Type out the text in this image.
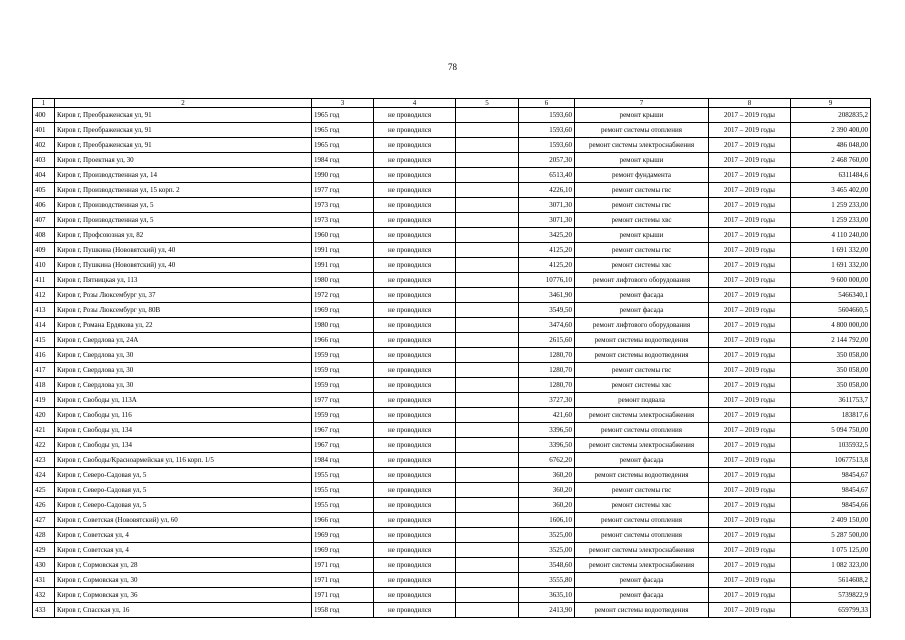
78
1	2	3	4	5	6	7	8	9
400	Киров г, Преображенская ул, 91	1965 год	не проводился		1593,60	ремонт крыши	2017 – 2019 годы	2082835,2
401	Киров г, Преображенская ул, 91	1965 год	не проводился		1593,60	ремонт системы отопления	2017 – 2019 годы	2 390 400,00
402	Киров г, Преображенская ул, 91	1965 год	не проводился		1593,60	ремонт системы электроснабжения	2017 – 2019 годы	486 048,00
403	Киров г, Проектная ул, 30	1984 год	не проводился		2057,30	ремонт крыши	2017 – 2019 годы	2 468 760,00
404	Киров г, Производственная ул, 14	1990 год	не проводился		6513,40	ремонт фундамента	2017 – 2019 годы	6311484,6
405	Киров г, Производственная ул, 15 корп. 2	1977 год	не проводился		4226,10	ремонт системы гвс	2017 – 2019 годы	3 465 402,00
406	Киров г, Производственная ул, 5	1973 год	не проводился		3071,30	ремонт системы гвс	2017 – 2019 годы	1 259 233,00
407	Киров г, Производственная ул, 5	1973 год	не проводился		3071,30	ремонт системы хвс	2017 – 2019 годы	1 259 233,00
408	Киров г, Профсоюзная ул, 82	1960 год	не проводился		3425,20	ремонт крыши	2017 – 2019 годы	4 110 240,00
409	Киров г, Пушкина (Нововятский) ул, 40	1991 год	не проводился		4125,20	ремонт системы гвс	2017 – 2019 годы	1 691 332,00
410	Киров г, Пушкина (Нововятский) ул, 40	1991 год	не проводился		4125,20	ремонт системы хвс	2017 – 2019 годы	1 691 332,00
411	Киров г, Пятницкая ул, 113	1980 год	не проводился		10776,10	ремонт лифтового оборудования	2017 – 2019 годы	9 600 000,00
412	Киров г, Розы Люксембург ул, 37	1972 год	не проводился		3461,90	ремонт фасада	2017 – 2019 годы	5466340,1
413	Киров г, Розы Люксембург ул, 80В	1969 год	не проводился		3549,50	ремонт фасада	2017 – 2019 годы	5604660,5
414	Киров г, Романа Ердякова ул, 22	1980 год	не проводился		3474,60	ремонт лифтового оборудования	2017 – 2019 годы	4 800 000,00
415	Киров г, Свердлова ул, 24А	1966 год	не проводился		2615,60	ремонт системы водоотведения	2017 – 2019 годы	2 144 792,00
416	Киров г, Свердлова ул, 30	1959 год	не проводился		1280,70	ремонт системы водоотведения	2017 – 2019 годы	350 058,00
417	Киров г, Свердлова ул, 30	1959 год	не проводился		1280,70	ремонт системы гвс	2017 – 2019 годы	350 058,00
418	Киров г, Свердлова ул, 30	1959 год	не проводился		1280,70	ремонт системы хвс	2017 – 2019 годы	350 058,00
419	Киров г, Свободы ул, 113А	1977 год	не проводился		3727,30	ремонт подвала	2017 – 2019 годы	3611753,7
420	Киров г, Свободы ул, 116	1959 год	не проводился		421,60	ремонт системы электроснабжения	2017 – 2019 годы	183817,6
421	Киров г, Свободы ул, 134	1967 год	не проводился		3396,50	ремонт системы отопления	2017 – 2019 годы	5 094 750,00
422	Киров г, Свободы ул, 134	1967 год	не проводился		3396,50	ремонт системы электроснабжения	2017 – 2019 годы	1035932,5
423	Киров г, Свободы/Красноармейская ул, 116 корп. 1/5	1984 год	не проводился		6762,20	ремонт фасада	2017 – 2019 годы	10677513,8
424	Киров г, Северо-Садовая ул, 5	1955 год	не проводился		360,20	ремонт системы водоотведения	2017 – 2019 годы	98454,67
425	Киров г, Северо-Садовая ул, 5	1955 год	не проводился		360,20	ремонт системы гвс	2017 – 2019 годы	98454,67
426	Киров г, Северо-Садовая ул, 5	1955 год	не проводился		360,20	ремонт системы хвс	2017 – 2019 годы	98454,66
427	Киров г, Советская (Нововятский) ул, 60	1966 год	не проводился		1606,10	ремонт системы отопления	2017 – 2019 годы	2 409 150,00
428	Киров г, Советская ул, 4	1969 год	не проводился		3525,00	ремонт системы отопления	2017 – 2019 годы	5 287 500,00
429	Киров г, Советская ул, 4	1969 год	не проводился		3525,00	ремонт системы электроснабжения	2017 – 2019 годы	1 075 125,00
430	Киров г, Сормовская ул, 28	1971 год	не проводился		3548,60	ремонт системы электроснабжения	2017 – 2019 годы	1 082 323,00
431	Киров г, Сормовская ул, 30	1971 год	не проводился		3555,80	ремонт фасада	2017 – 2019 годы	5614608,2
432	Киров г, Сормовская ул, 36	1971 год	не проводился		3635,10	ремонт фасада	2017 – 2019 годы	5739822,9
433	Киров г, Спасская ул, 16	1958 год	не проводился		2413,90	ремонт системы водоотведения	2017 – 2019 годы	659799,33
